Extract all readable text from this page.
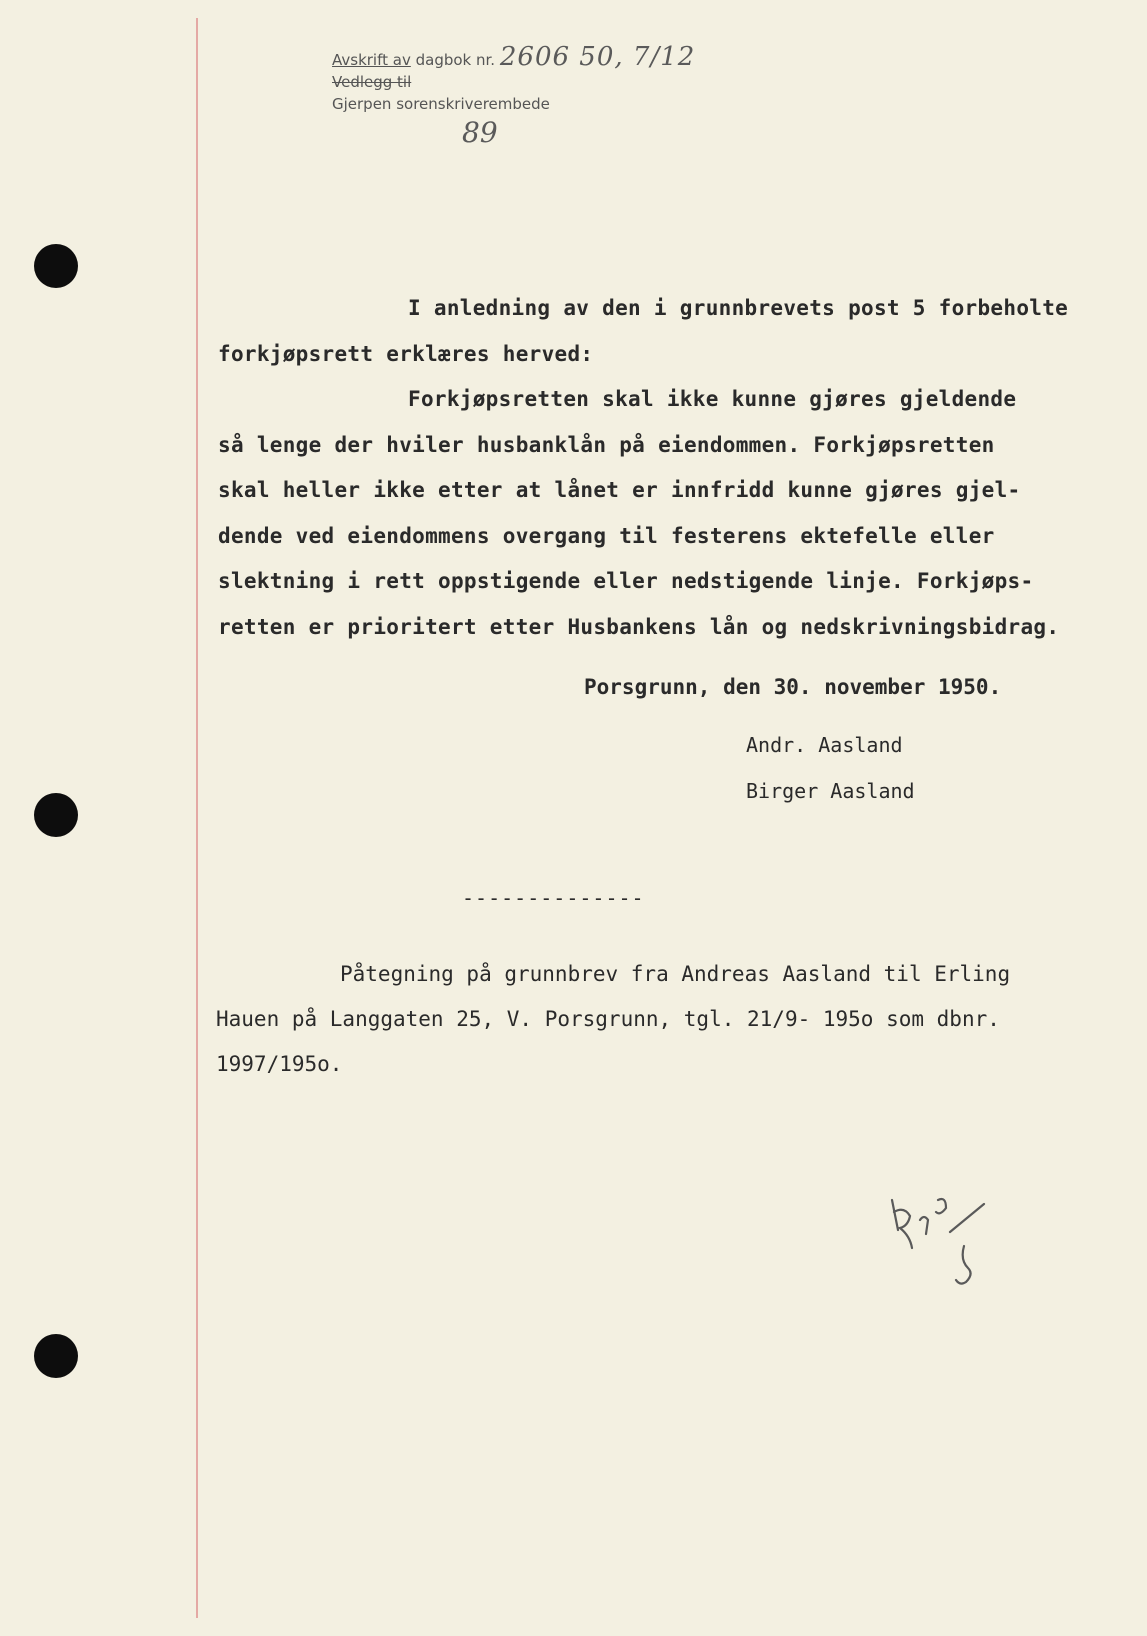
Avskrift av dagbok nr. 2606 50, 7/12
Vedlegg til
Gjerpen sorenskriverembede
89

I anledning av den i grunnbrevets post 5 forbeholte

forkjøpsrett erklæres herved:

Forkjøpsretten skal ikke kunne gjøres gjeldende

så lenge der hviler husbanklån på eiendommen. Forkjøpsretten

skal heller ikke etter at lånet er innfridd kunne gjøres gjel-

dende ved eiendommens overgang til festerens ektefelle eller

slektning i rett oppstigende eller nedstigende linje. Forkjøps-

retten er prioritert etter Husbankens lån og nedskrivningsbidrag.

Porsgrunn, den 30. november 1950.
Andr. Aasland
Birger Aasland
--------------

Påtegning på grunnbrev fra Andreas Aasland til Erling

Hauen på Langgaten 25, V. Porsgrunn, tgl. 21/9- 195o som dbnr.

1997/195o.
